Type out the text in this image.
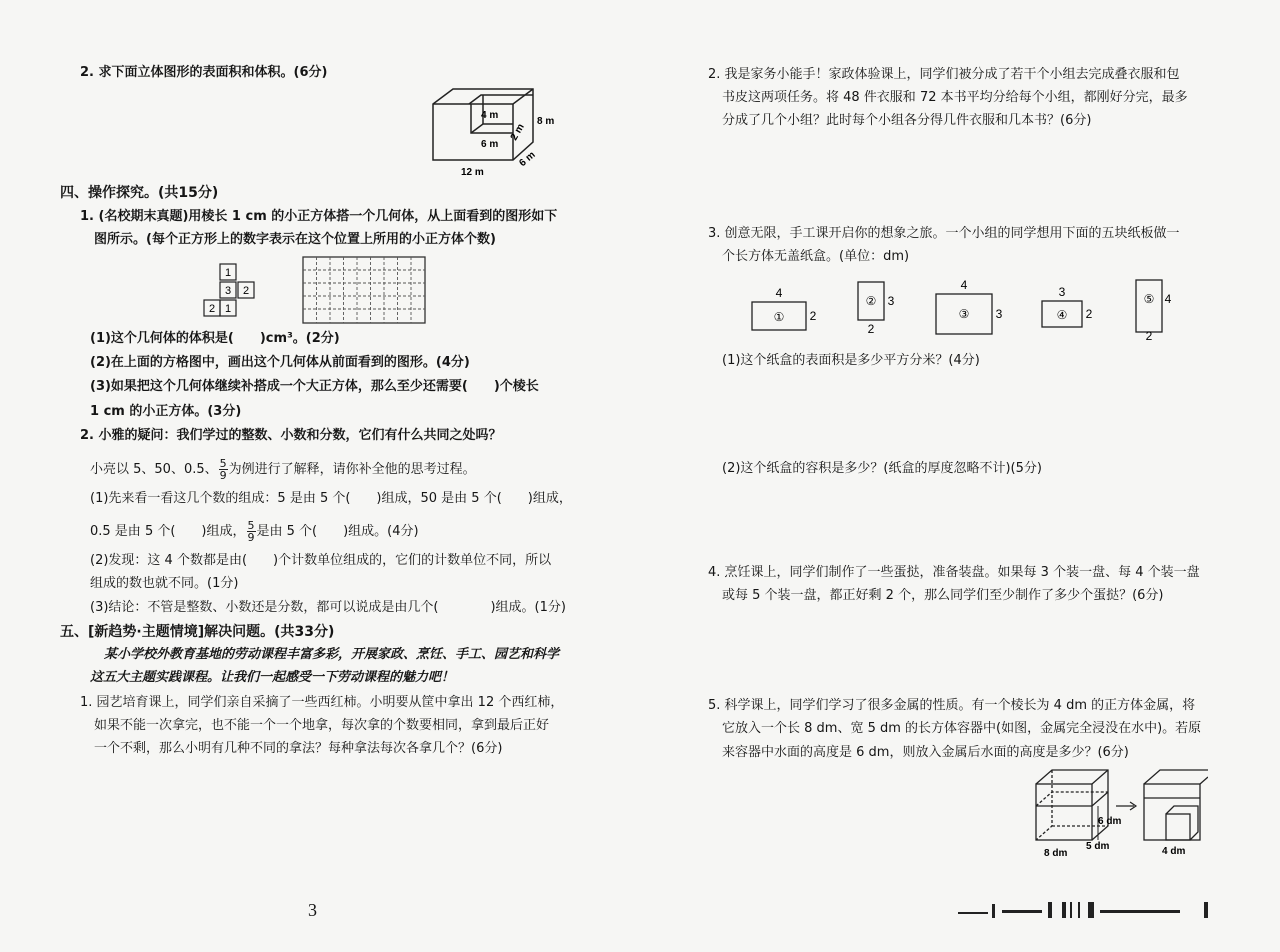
2. 求下面立体图形的表面积和体积。(6分)
4 m
2 m
8 m
6 m
6 m
12 m
四、操作探究。(共15分)
1. (名校期末真题)用棱长 1 cm 的小正方体搭一个几何体，从上面看到的图形如下
图所示。(每个正方形上的数字表示在这个位置上所用的小正方体个数)
1
3 2
2 1
(1)这个几何体的体积是(　　)cm³。(2分)
(2)在上面的方格图中，画出这个几何体从前面看到的图形。(4分)
(3)如果把这个几何体继续补搭成一个大正方体，那么至少还需要(　　)个棱长
1 cm 的小正方体。(3分)
2. 小雅的疑问：我们学过的整数、小数和分数，它们有什么共同之处吗？
小亮以 5、50、0.5、 $\frac{5}{9}$ 为例进行了解释，请你补全他的思考过程。
(1)先来看一看这几个数的组成：5 是由 5 个(　　)组成，50 是由 5 个(　　)组成，
0.5 是由 5 个(　　)组成， $\frac{5}{9}$ 是由 5 个(　　)组成。(4分)
(2)发现：这 4 个数都是由(　　)个计数单位组成的，它们的计数单位不同，所以
组成的数也就不同。(1分)
(3)结论：不管是整数、小数还是分数，都可以说成是由几个(　　　　)组成。(1分)
五、[新趋势·主题情境]解决问题。(共33分)
某小学校外教育基地的劳动课程丰富多彩，开展家政、烹饪、手工、园艺和科学
这五大主题实践课程。让我们一起感受一下劳动课程的魅力吧！
1. 园艺培育课上，同学们亲自采摘了一些西红柿。小明要从筐中拿出 12 个西红柿，
如果不能一次拿完，也不能一个一个地拿，每次拿的个数要相同，拿到最后正好
一个不剩，那么小明有几种不同的拿法？每种拿法每次各拿几个？(6分)
3
2. 我是家务小能手！家政体验课上，同学们被分成了若干个小组去完成叠衣服和包
书皮这两项任务。将 48 件衣服和 72 本书平均分给每个小组，都刚好分完，最多
分成了几个小组？此时每个小组各分得几件衣服和几本书？(6分)
3. 创意无限，手工课开启你的想象之旅。一个小组的同学想用下面的五块纸板做一
个长方体无盖纸盒。(单位：dm)
①
4
2
②
2
3
③
4
3	④
3
2
⑤
2
4
(1)这个纸盒的表面积是多少平方分米？(4分)
(2)这个纸盒的容积是多少？(纸盒的厚度忽略不计)(5分)
4. 烹饪课上，同学们制作了一些蛋挞，准备装盘。如果每 3 个装一盘、每 4 个装一盘
或每 5 个装一盘，都正好剩 2 个，那么同学们至少制作了多少个蛋挞？(6分)
5. 科学课上，同学们学习了很多金属的性质。有一个棱长为 4 dm 的正方体金属，将
它放入一个长 8 dm、宽 5 dm 的长方体容器中(如图，金属完全浸没在水中)。若原
来容器中水面的高度是 6 dm，则放入金属后水面的高度是多少？(6分)
6 dm
5 dm
8 dm	4 dm
